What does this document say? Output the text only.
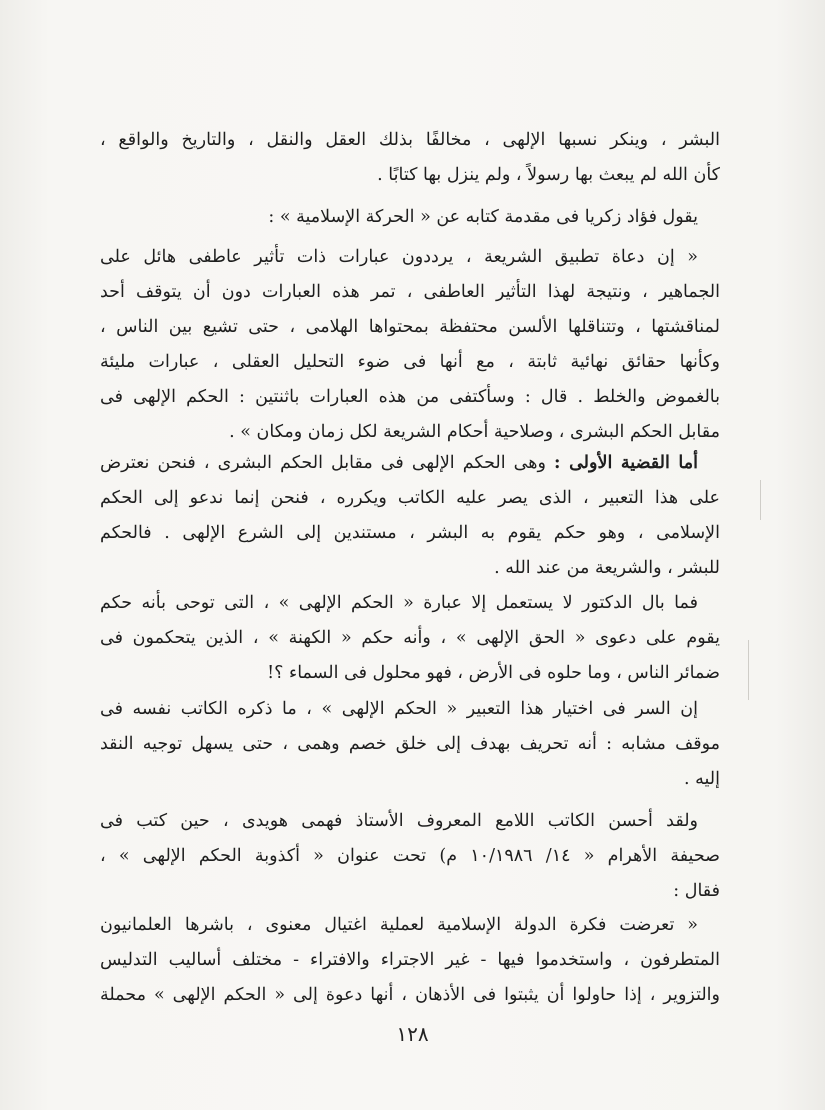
البشر ، وينكر نسبها الإلهى ، مخالفًا بذلك العقل والنقل ، والتاريخ والواقع ،
كأن الله لم يبعث بها رسولاً ، ولم ينزل بها كتابًا .
يقول فؤاد زكريا فى مقدمة كتابه عن « الحركة الإسلامية » :
« إن دعاة تطبيق الشريعة ، يرددون عبارات ذات تأثير عاطفى هائل على
الجماهير ، ونتيجة لهذا التأثير العاطفى ، تمر هذه العبارات دون أن يتوقف أحد
لمناقشتها ، وتتناقلها الألسن محتفظة بمحتواها الهلامى ، حتى تشيع بين الناس ،
وكأنها حقائق نهائية ثابتة ، مع أنها فى ضوء التحليل العقلى ، عبارات مليئة
بالغموض والخلط . قال : وسأكتفى من هذه العبارات باثنتين : الحكم الإلهى فى
مقابل الحكم البشرى ، وصلاحية أحكام الشريعة لكل زمان ومكان » .
أما القضية الأولى : وهى الحكم الإلهى فى مقابل الحكم البشرى ، فنحن نعترض
على هذا التعبير ، الذى يصر عليه الكاتب ويكرره ، فنحن إنما ندعو إلى الحكم
الإسلامى ، وهو حكم يقوم به البشر ، مستندين إلى الشرع الإلهى . فالحكم
للبشر ، والشريعة من عند الله .
فما بال الدكتور لا يستعمل إلا عبارة « الحكم الإلهى » ، التى توحى بأنه حكم
يقوم على دعوى « الحق الإلهى » ، وأنه حكم « الكهنة » ، الذين يتحكمون فى
ضمائر الناس ، وما حلوه فى الأرض ، فهو محلول فى السماء ؟!
إن السر فى اختيار هذا التعبير « الحكم الإلهى » ، ما ذكره الكاتب نفسه فى
موقف مشابه : أنه تحريف بهدف إلى خلق خصم وهمى ، حتى يسهل توجيه النقد
إليه .
ولقد أحسن الكاتب اللامع المعروف الأستاذ فهمى هويدى ، حين كتب فى
صحيفة الأهرام « ١٤/ ١٠/١٩٨٦ م) تحت عنوان « أكذوبة الحكم الإلهى » ،
فقال :
« تعرضت فكرة الدولة الإسلامية لعملية اغتيال معنوى ، باشرها العلمانيون
المتطرفون ، واستخدموا فيها - غير الاجتراء والافتراء - مختلف أساليب التدليس
والتزوير ، إذا حاولوا أن يثبتوا فى الأذهان ، أنها دعوة إلى « الحكم الإلهى » محملة
١٢٨
